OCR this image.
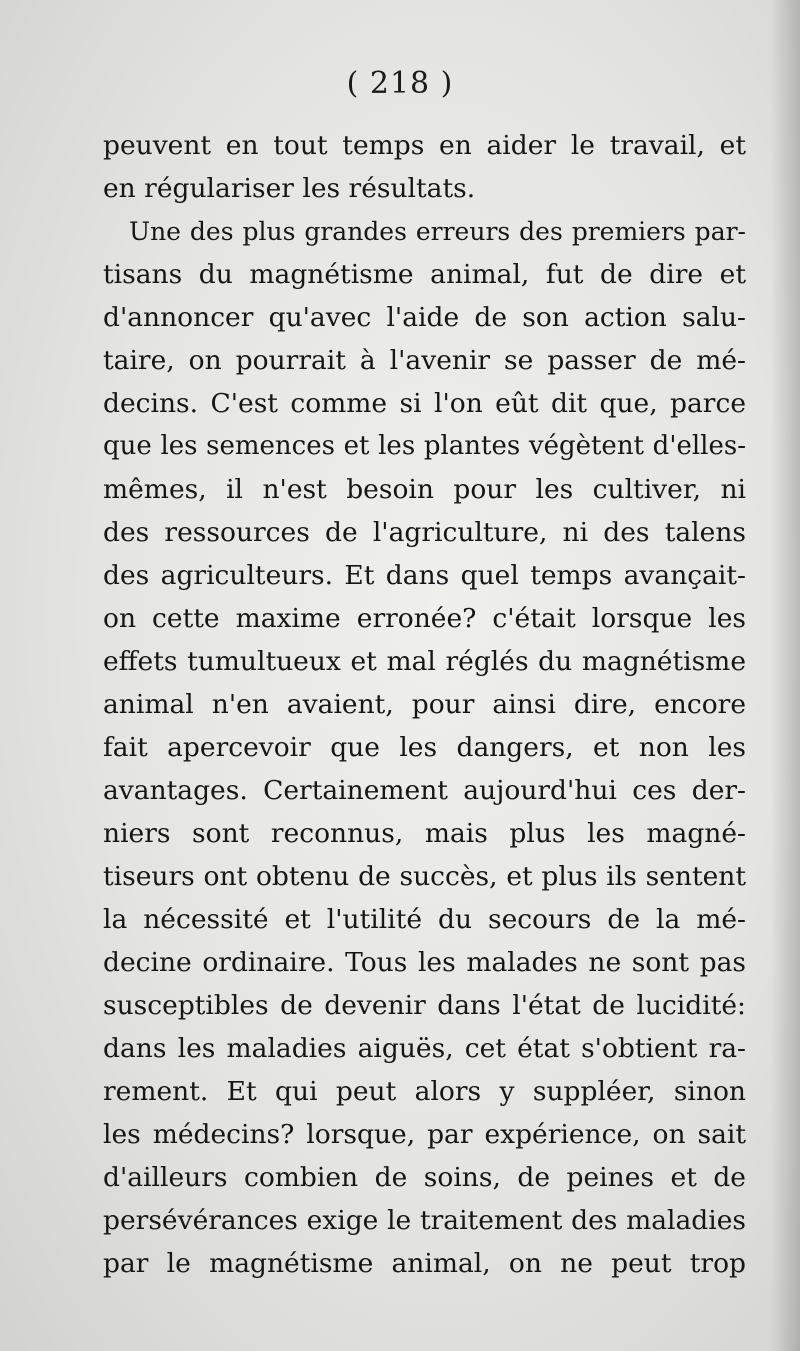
( 218 )
peuvent en tout temps en aider le travail, et
en régulariser les résultats.
Une des plus grandes erreurs des premiers par-
tisans du magnétisme animal, fut de dire et
d'annoncer qu'avec l'aide de son action salu-
taire, on pourrait à l'avenir se passer de mé-
decins. C'est comme si l'on eût dit que, parce
que les semences et les plantes végètent d'elles-
mêmes, il n'est besoin pour les cultiver, ni
des ressources de l'agriculture, ni des talens
des agriculteurs. Et dans quel temps avançait-
on cette maxime erronée? c'était lorsque les
effets tumultueux et mal réglés du magnétisme
animal n'en avaient, pour ainsi dire, encore
fait apercevoir que les dangers, et non les
avantages. Certainement aujourd'hui ces der-
niers sont reconnus, mais plus les magné-
tiseurs ont obtenu de succès, et plus ils sentent
la nécessité et l'utilité du secours de la mé-
decine ordinaire. Tous les malades ne sont pas
susceptibles de devenir dans l'état de lucidité:
dans les maladies aiguës, cet état s'obtient ra-
rement. Et qui peut alors y suppléer, sinon
les médecins? lorsque, par expérience, on sait
d'ailleurs combien de soins, de peines et de
persévérances exige le traitement des maladies
par le magnétisme animal, on ne peut trop
